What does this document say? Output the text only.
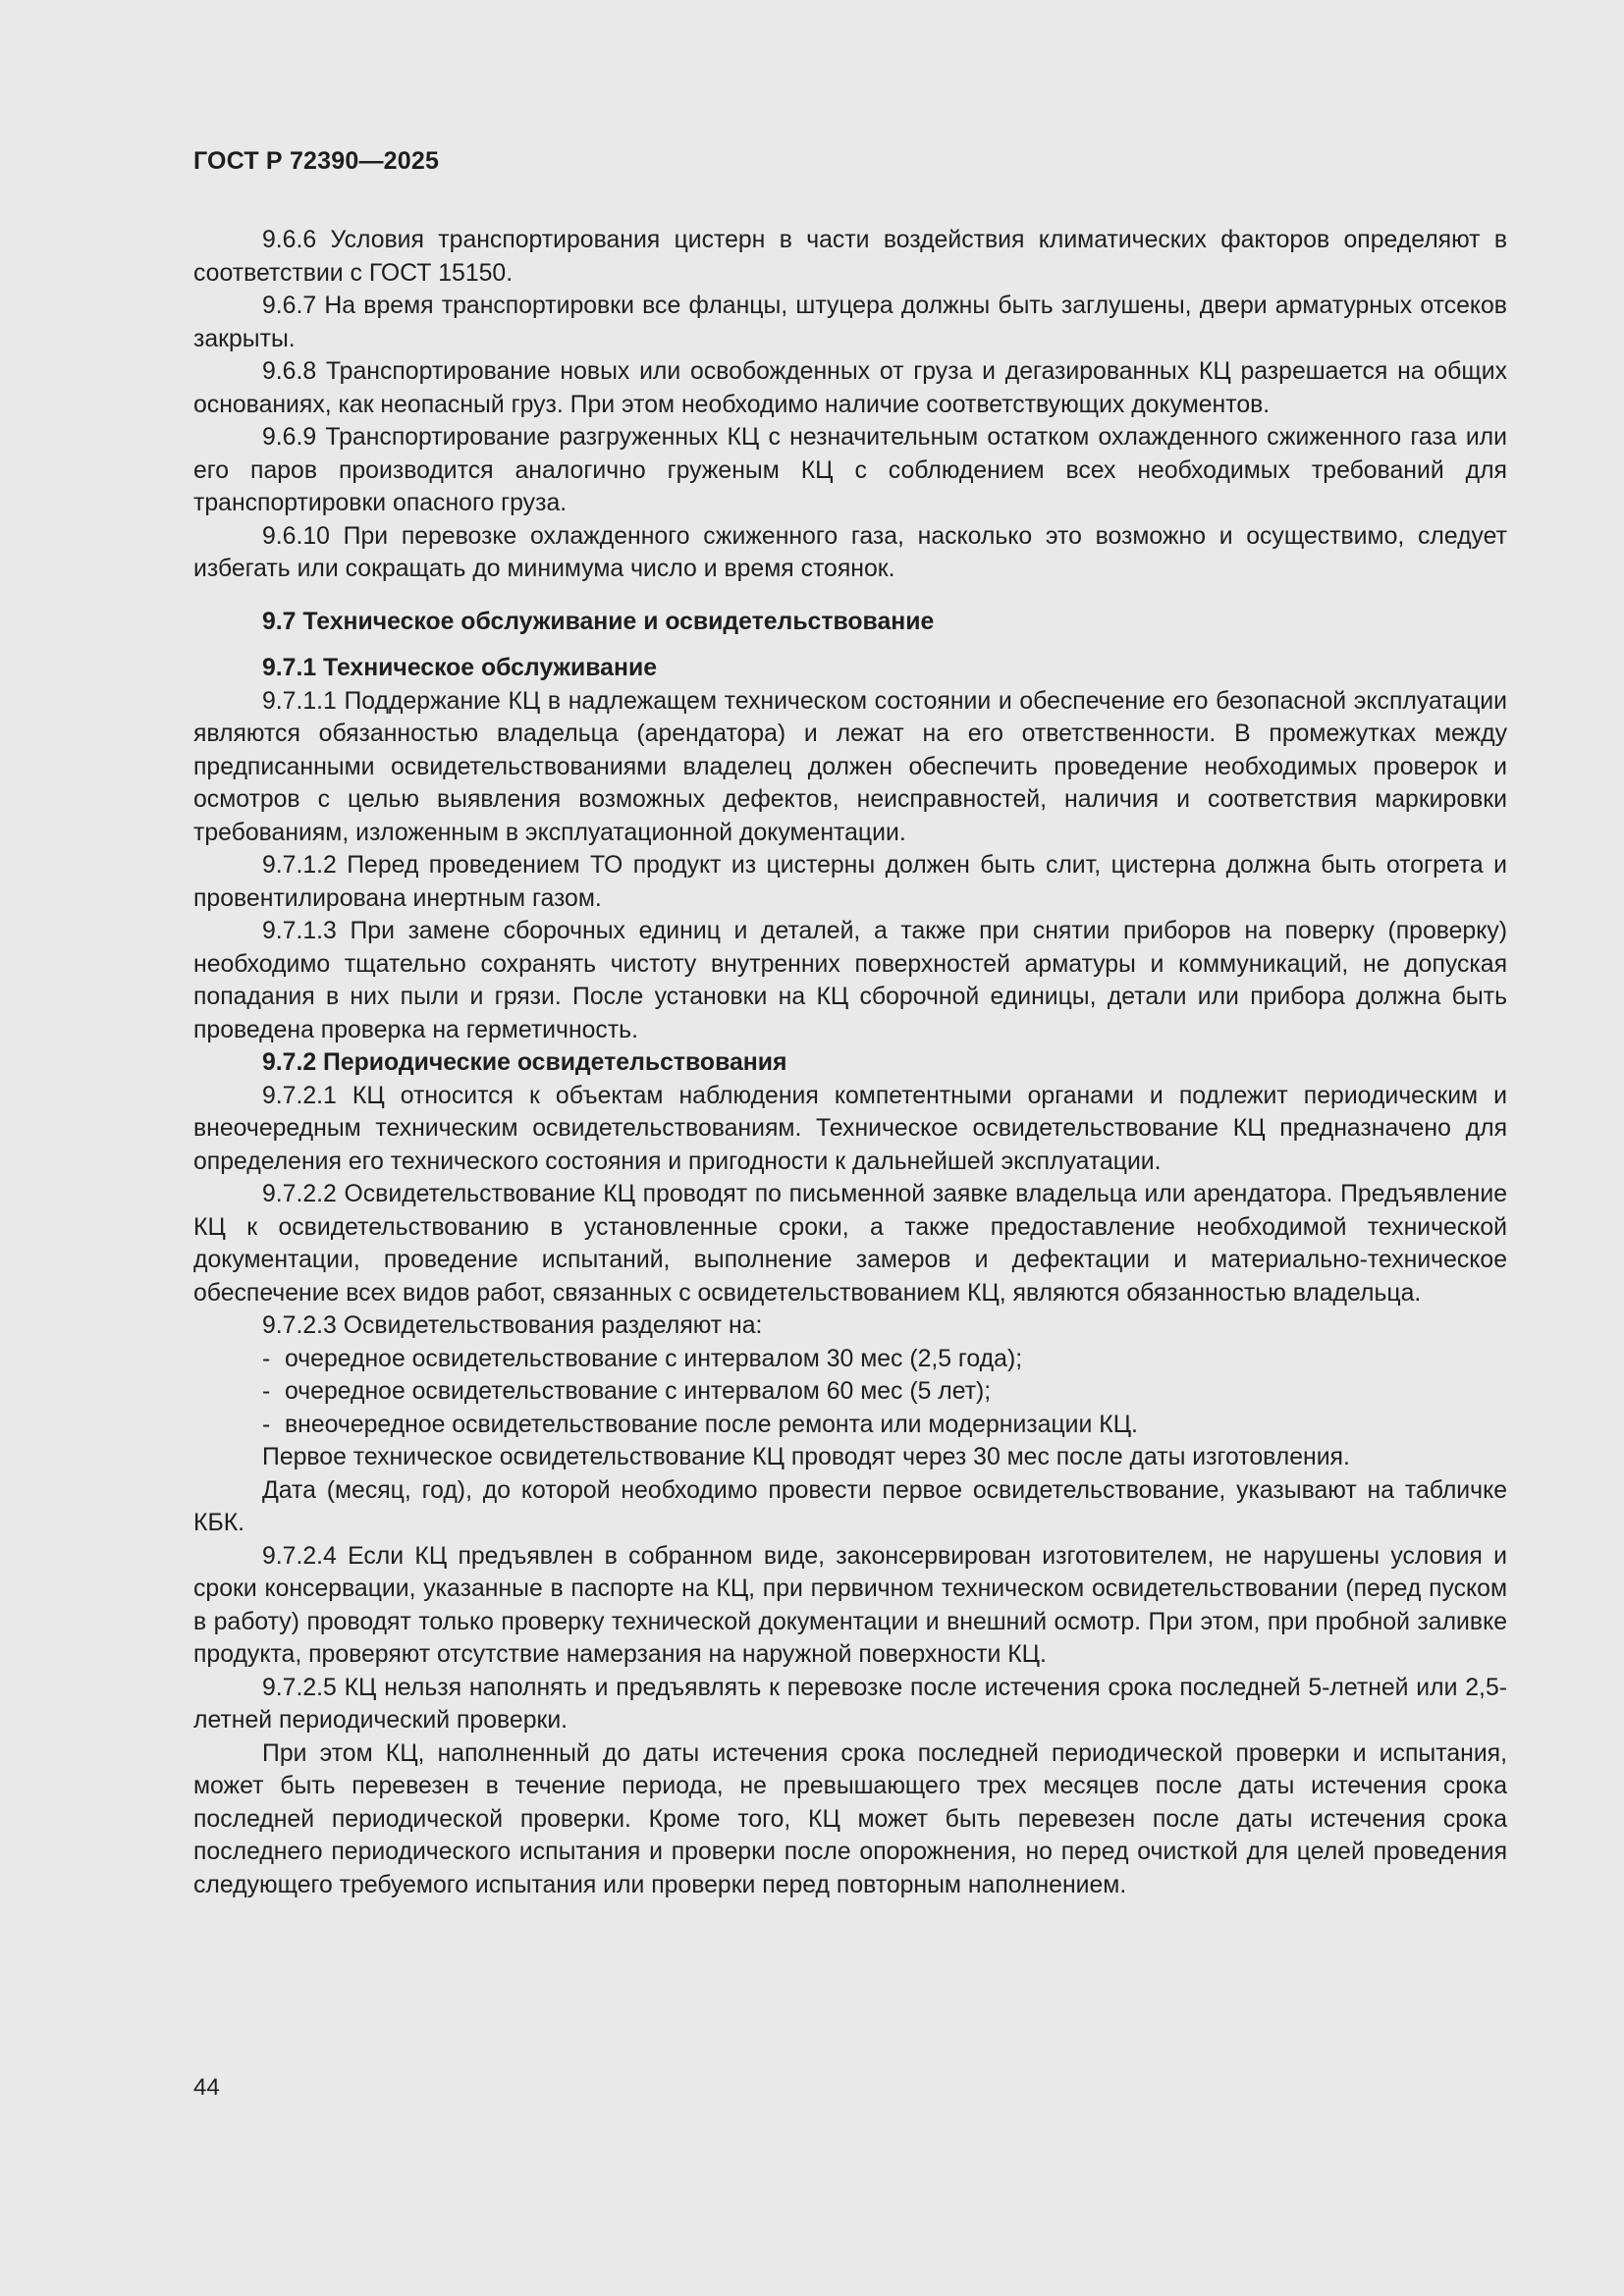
ГОСТ Р 72390—2025

9.6.6 Условия транспортирования цистерн в части воздействия климатических факторов определяют в соответствии с ГОСТ 15150.

9.6.7 На время транспортировки все фланцы, штуцера должны быть заглушены, двери арматурных отсеков закрыты.

9.6.8 Транспортирование новых или освобожденных от груза и дегазированных КЦ разрешается на общих основаниях, как неопасный груз. При этом необходимо наличие соответствующих документов.

9.6.9 Транспортирование разгруженных КЦ с незначительным остатком охлажденного сжиженного газа или его паров производится аналогично груженым КЦ с соблюдением всех необходимых требований для транспортировки опасного груза.

9.6.10 При перевозке охлажденного сжиженного газа, насколько это возможно и осуществимо, следует избегать или сокращать до минимума число и время стоянок.

9.7 Техническое обслуживание и освидетельствование

9.7.1 Техническое обслуживание

9.7.1.1 Поддержание КЦ в надлежащем техническом состоянии и обеспечение его безопасной эксплуатации являются обязанностью владельца (арендатора) и лежат на его ответственности. В промежутках между предписанными освидетельствованиями владелец должен обеспечить проведение необходимых проверок и осмотров с целью выявления возможных дефектов, неисправностей, наличия и соответствия маркировки требованиям, изложенным в эксплуатационной документации.

9.7.1.2 Перед проведением ТО продукт из цистерны должен быть слит, цистерна должна быть отогрета и провентилирована инертным газом.

9.7.1.3 При замене сборочных единиц и деталей, а также при снятии приборов на поверку (проверку) необходимо тщательно сохранять чистоту внутренних поверхностей арматуры и коммуникаций, не допуская попадания в них пыли и грязи. После установки на КЦ сборочной единицы, детали или прибора должна быть проведена проверка на герметичность.

9.7.2 Периодические освидетельствования

9.7.2.1 КЦ относится к объектам наблюдения компетентными органами и подлежит периодическим и внеочередным техническим освидетельствованиям. Техническое освидетельствование КЦ предназначено для определения его технического состояния и пригодности к дальнейшей эксплуатации.

9.7.2.2 Освидетельствование КЦ проводят по письменной заявке владельца или арендатора. Предъявление КЦ к освидетельствованию в установленные сроки, а также предоставление необходимой технической документации, проведение испытаний, выполнение замеров и дефектации и материально-техническое обеспечение всех видов работ, связанных с освидетельствованием КЦ, являются обязанностью владельца.

9.7.2.3 Освидетельствования разделяют на:

- очередное освидетельствование с интервалом 30 мес (2,5 года);

- очередное освидетельствование с интервалом 60 мес (5 лет);

- внеочередное освидетельствование после ремонта или модернизации КЦ.

Первое техническое освидетельствование КЦ проводят через 30 мес после даты изготовления.

Дата (месяц, год), до которой необходимо провести первое освидетельствование, указывают на табличке КБК.

9.7.2.4 Если КЦ предъявлен в собранном виде, законсервирован изготовителем, не нарушены условия и сроки консервации, указанные в паспорте на КЦ, при первичном техническом освидетельствовании (перед пуском в работу) проводят только проверку технической документации и внешний осмотр. При этом, при пробной заливке продукта, проверяют отсутствие намерзания на наружной поверхности КЦ.

9.7.2.5 КЦ нельзя наполнять и предъявлять к перевозке после истечения срока последней 5-летней или 2,5-летней периодический проверки.

При этом КЦ, наполненный до даты истечения срока последней периодической проверки и испытания, может быть перевезен в течение периода, не превышающего трех месяцев после даты истечения срока последней периодической проверки. Кроме того, КЦ может быть перевезен после даты истечения срока последнего периодического испытания и проверки после опорожнения, но перед очисткой для целей проведения следующего требуемого испытания или проверки перед повторным наполнением.

44
